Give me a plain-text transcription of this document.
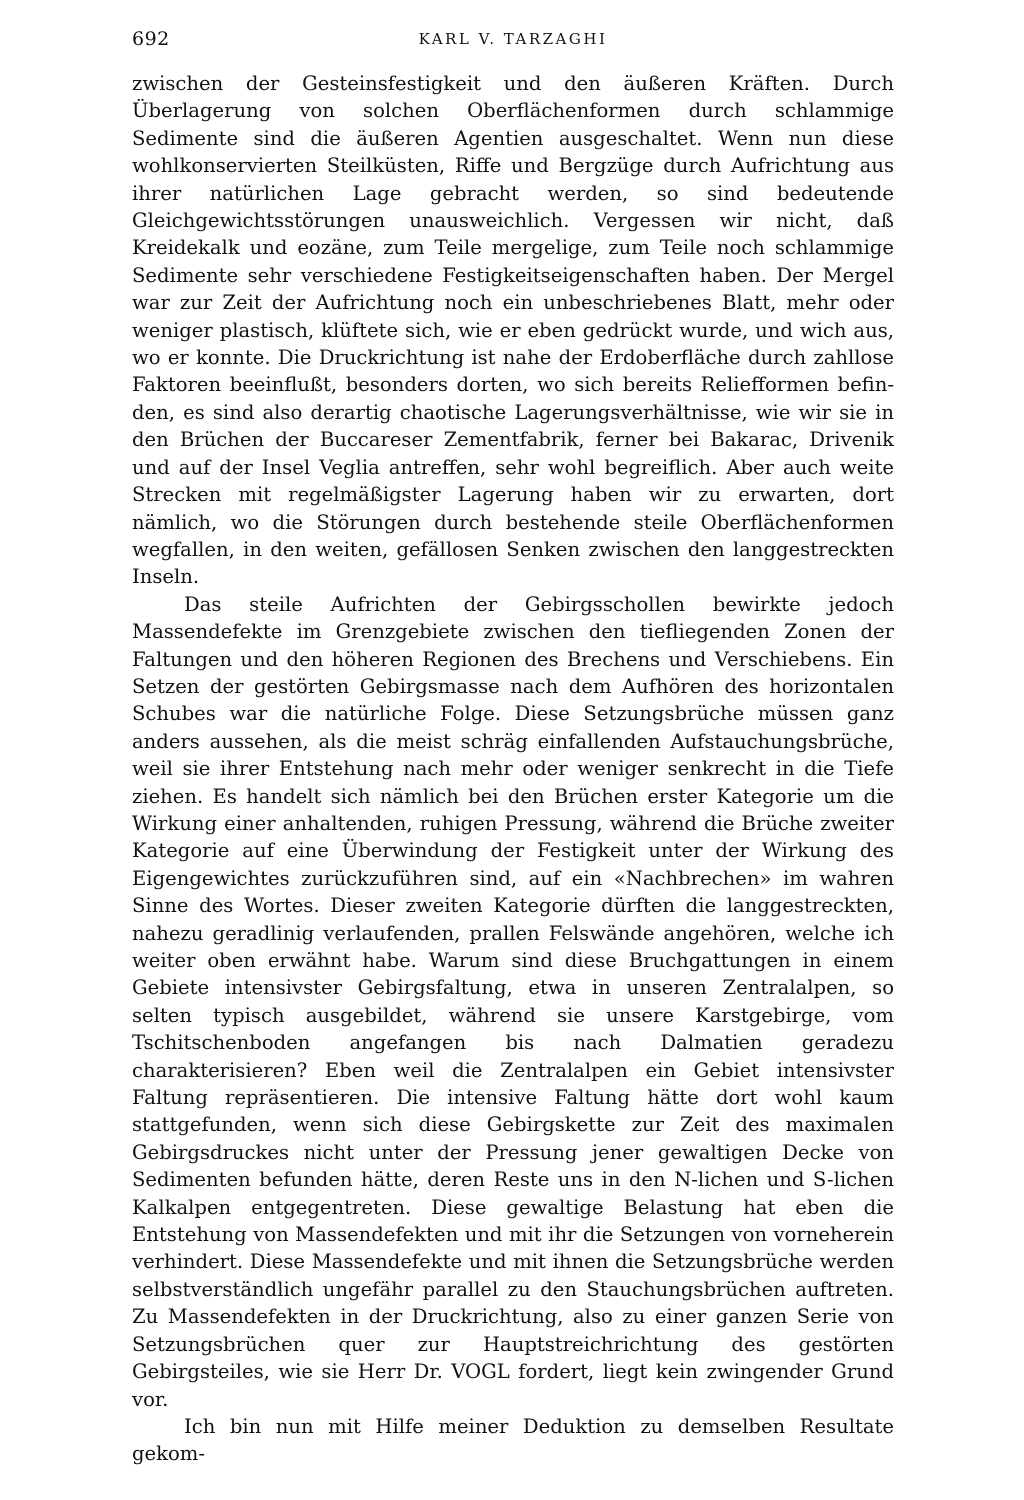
692	KARL V. TARZAGHI

zwischen der Gesteinsfestigkeit und den äußeren Kräften. Durch Überlagerung von solchen Oberflächenformen durch schlammige Sedimente sind die äußeren Agentien ausgeschaltet. Wenn nun diese wohlkonservierten Steilküsten, Riffe und Bergzüge durch Aufrichtung aus ihrer natürlichen Lage gebracht werden, so sind bedeutende Gleichgewichtsstörungen unausweichlich. Vergessen wir nicht, daß Kreidekalk und eozäne, zum Teile mergelige, zum Teile noch schlammige Sedimente sehr verschiedene Festigkeitseigenschaften haben. Der Mergel war zur Zeit der Aufrichtung noch ein unbeschriebenes Blatt, mehr oder weniger plastisch, klüftete sich, wie er eben gedrückt wurde, und wich aus, wo er konnte. Die Druckrichtung ist nahe der Erdoberfläche durch zahllose Faktoren beeinflußt, besonders dorten, wo sich bereits Reliefformen befinden, es sind also derartig chaotische Lagerungsverhältnisse, wie wir sie in den Brüchen der Buccareser Zementfabrik, ferner bei Bakarac, Drivenik und auf der Insel Veglia antreffen, sehr wohl begreiflich. Aber auch weite Strecken mit regelmäßigster Lagerung haben wir zu erwarten, dort nämlich, wo die Störungen durch bestehende steile Oberflächenformen wegfallen, in den weiten, gefällosen Senken zwischen den langgestreckten Inseln.

Das steile Aufrichten der Gebirgsschollen bewirkte jedoch Massendefekte im Grenzgebiete zwischen den tiefliegenden Zonen der Faltungen und den höheren Regionen des Brechens und Verschiebens. Ein Setzen der gestörten Gebirgsmasse nach dem Aufhören des horizontalen Schubes war die natürliche Folge. Diese Setzungsbrüche müssen ganz anders aussehen, als die meist schräg einfallenden Aufstauchungsbrüche, weil sie ihrer Entstehung nach mehr oder weniger senkrecht in die Tiefe ziehen. Es handelt sich nämlich bei den Brüchen erster Kategorie um die Wirkung einer anhaltenden, ruhigen Pressung, während die Brüche zweiter Kategorie auf eine Überwindung der Festigkeit unter der Wirkung des Eigengewichtes zurückzuführen sind, auf ein «Nachbrechen» im wahren Sinne des Wortes. Dieser zweiten Kategorie dürften die langgestreckten, nahezu geradlinig verlaufenden, prallen Felswände angehören, welche ich weiter oben erwähnt habe. Warum sind diese Bruchgattungen in einem Gebiete intensivster Gebirgsfaltung, etwa in unseren Zentralalpen, so selten typisch ausgebildet, während sie unsere Karstgebirge, vom Tschitschenboden angefangen bis nach Dalmatien geradezu charakterisieren? Eben weil die Zentralalpen ein Gebiet intensivster Faltung repräsentieren. Die intensive Faltung hätte dort wohl kaum stattgefunden, wenn sich diese Gebirgskette zur Zeit des maximalen Gebirgsdruckes nicht unter der Pressung jener gewaltigen Decke von Sedimenten befunden hätte, deren Reste uns in den N-lichen und S-lichen Kalkalpen entgegentreten. Diese gewaltige Belastung hat eben die Entstehung von Massendefekten und mit ihr die Setzungen von vorneherein verhindert. Diese Massendefekte und mit ihnen die Setzungsbrüche werden selbstverständlich ungefähr parallel zu den Stauchungsbrüchen auftreten. Zu Massendefekten in der Druckrichtung, also zu einer ganzen Serie von Setzungsbrüchen quer zur Hauptstreichrichtung des gestörten Gebirgsteiles, wie sie Herr Dr. VOGL fordert, liegt kein zwingender Grund vor.

Ich bin nun mit Hilfe meiner Deduktion zu demselben Resultate gekom-
